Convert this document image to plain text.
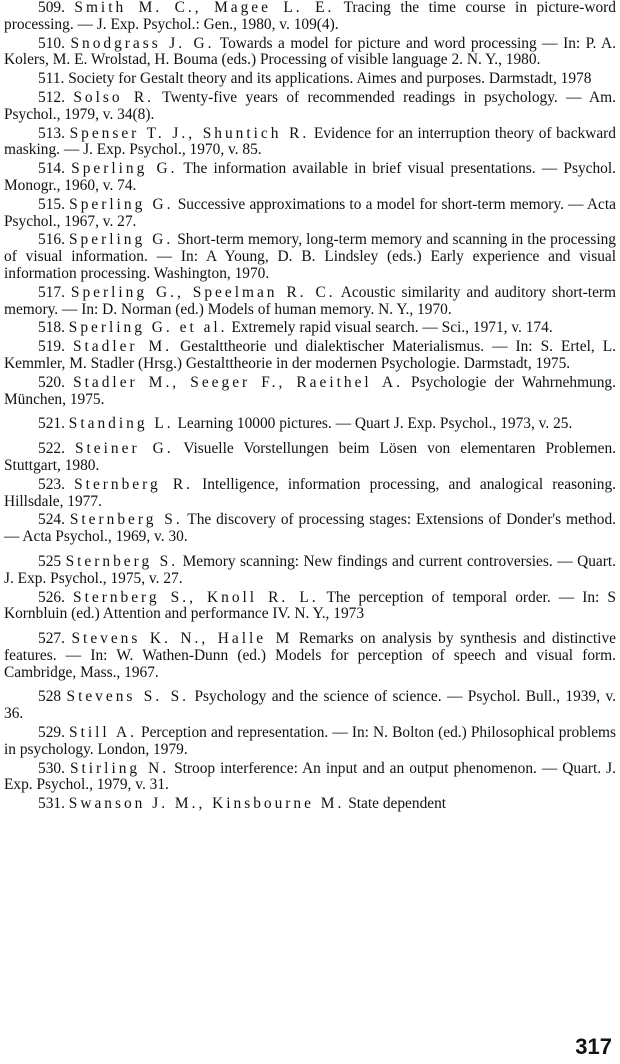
509. Smith M. C., Magee L. E. Tracing the time course in picture-word processing. — J. Exp. Psychol.: Gen., 1980, v. 109(4).
510. Snodgrass J. G. Towards a model for picture and word processing — In: P. A. Kolers, M. E. Wrolstad, H. Bouma (eds.) Processing of visible language 2. N. Y., 1980.
511. Society for Gestalt theory and its applications. Aimes and purposes. Darmstadt, 1978
512. Solso R. Twenty-five years of recommended readings in psychology. — Am. Psychol., 1979, v. 34(8).
513. Spenser T. J., Shuntich R. Evidence for an interruption theory of backward masking. — J. Exp. Psychol., 1970, v. 85.
514. Sperling G. The information available in brief visual presentations. — Psychol. Monogr., 1960, v. 74.
515. Sperling G. Successive approximations to a model for short-term memory. — Acta Psychol., 1967, v. 27.
516. Sperling G. Short-term memory, long-term memory and scanning in the processing of visual information. — In: A Young, D. B. Lindsley (eds.) Early experience and visual information processing. Washington, 1970.
517. Sperling G., Speelman R. C. Acoustic similarity and auditory short-term memory. — In: D. Norman (ed.) Models of human memory. N. Y., 1970.
518. Sperling G. et al. Extremely rapid visual search. — Sci., 1971, v. 174.
519. Stadler M. Gestalttheorie und dialektischer Materialismus. — In: S. Ertel, L. Kemmler, M. Stadler (Hrsg.) Gestalttheorie in der modernen Psychologie. Darmstadt, 1975.
520. Stadler M., Seeger F., Raeithel A. Psychologie der Wahrnehmung. München, 1975.
521. Standing L. Learning 10000 pictures. — Quart J. Exp. Psychol., 1973, v. 25.
522. Steiner G. Visuelle Vorstellungen beim Lösen von elementaren Problemen. Stuttgart, 1980.
523. Sternberg R. Intelligence, information processing, and analogical reasoning. Hillsdale, 1977.
524. Sternberg S. The discovery of processing stages: Extensions of Donder's method. — Acta Psychol., 1969, v. 30.
525 Sternberg S. Memory scanning: New findings and current controversies. — Quart. J. Exp. Psychol., 1975, v. 27.
526. Sternberg S., Knoll R. L. The perception of temporal order. — In: S Kornbluin (ed.) Attention and performance IV. N. Y., 1973
527. Stevens K. N., Halle M Remarks on analysis by synthesis and distinctive features. — In: W. Wathen-Dunn (ed.) Models for perception of speech and visual form. Cambridge, Mass., 1967.
528 Stevens S. S. Psychology and the science of science. — Psychol. Bull., 1939, v. 36.
529. Still A. Perception and representation. — In: N. Bolton (ed.) Philosophical problems in psychology. London, 1979.
530. Stirling N. Stroop interference: An input and an output phenomenon. — Quart. J. Exp. Psychol., 1979, v. 31.
531. Swanson J. M., Kinsbourne M. State dependent
317
